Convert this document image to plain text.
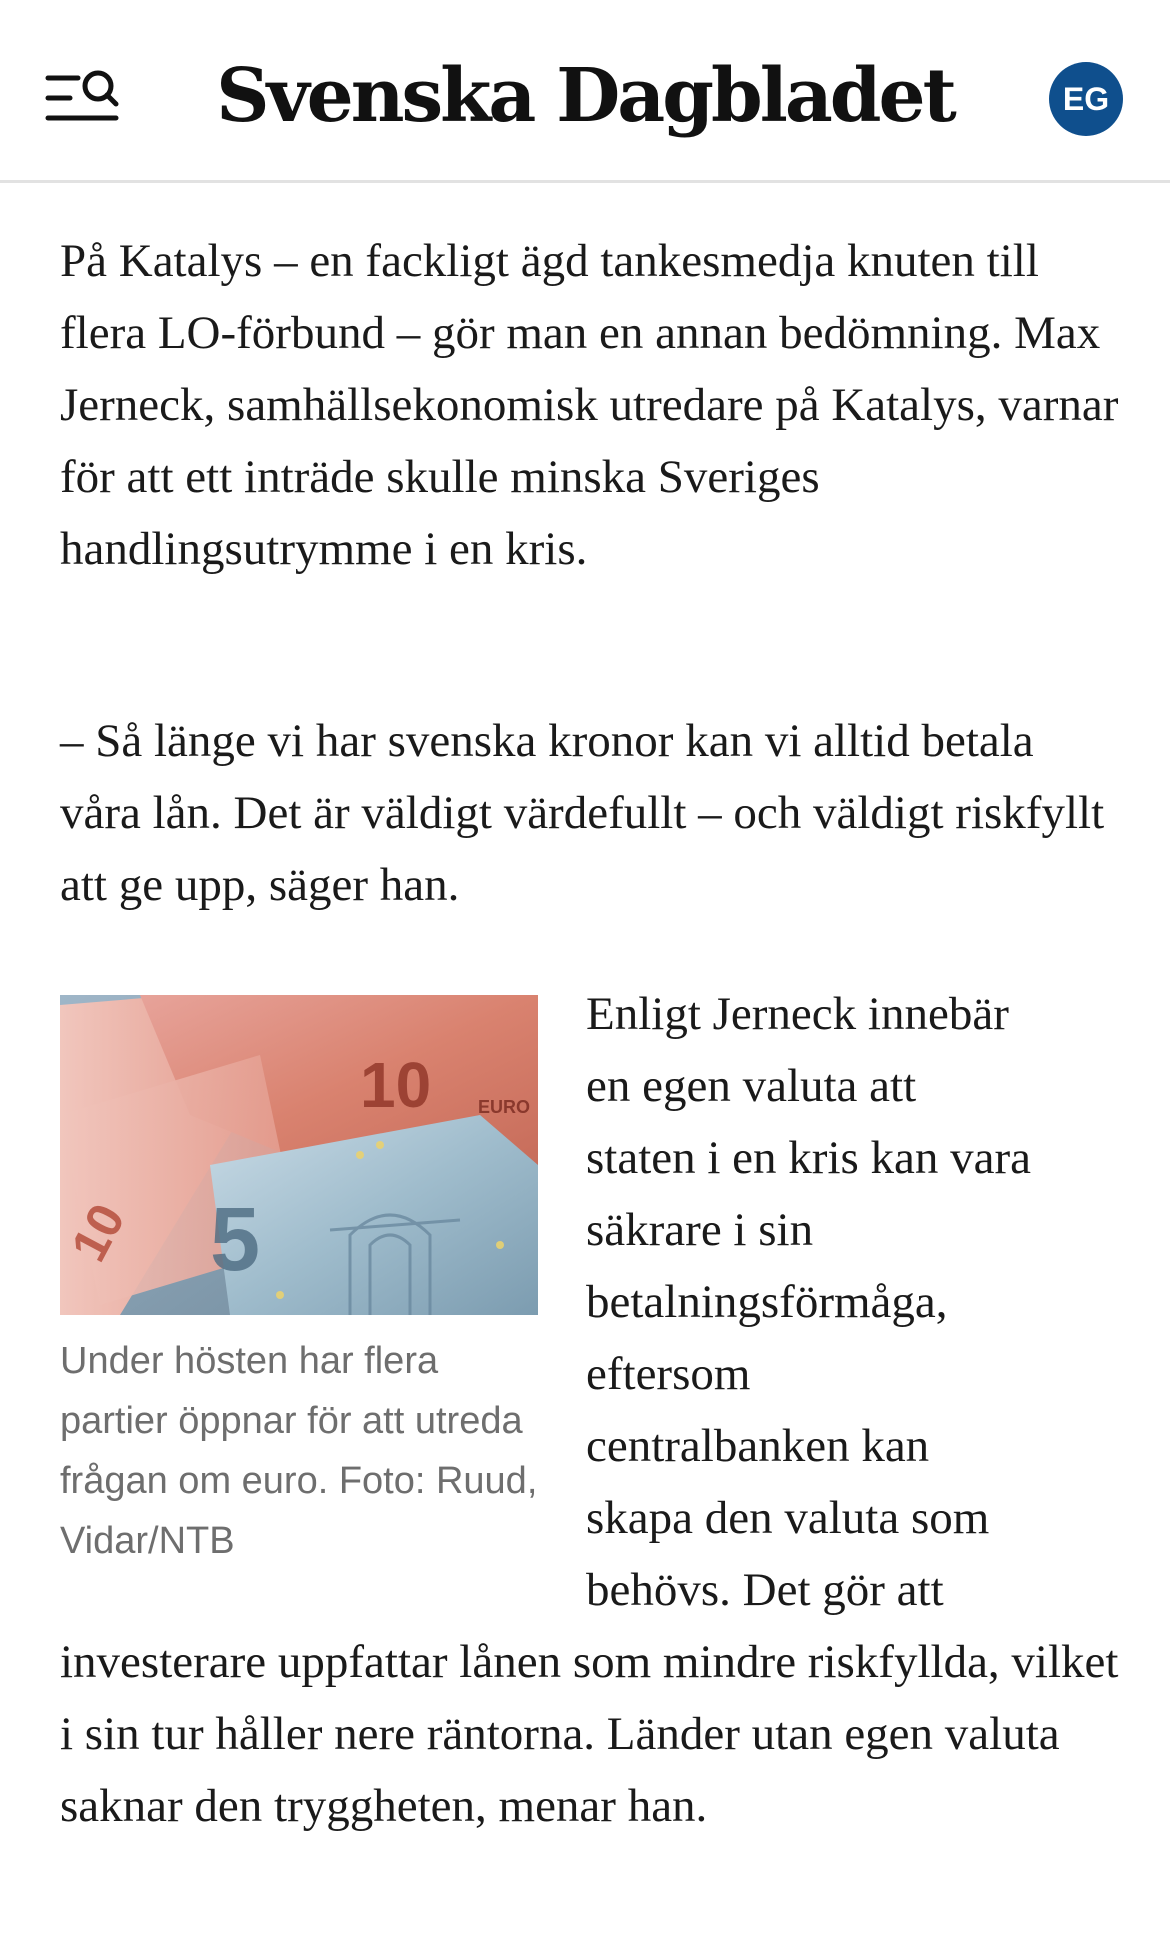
Svenska Dagbladet	EG

På Katalys – en fackligt ägd tankesmedja knuten till flera LO-förbund – gör man en annan bedömning. Max Jerneck, samhällsekonomisk utredare på Katalys, varnar för att ett inträde skulle minska Sveriges handlingsutrymme i en kris.

– Så länge vi har svenska kronor kan vi alltid betala våra lån. Det är väldigt värdefullt – och väldigt riskfyllt att ge upp, säger han.

10	EURO
10 5
Under hösten har flera partier öppnar för att utreda frågan om euro. Foto: Ruud, Vidar/NTB

Enligt Jerneck innebär
en egen valuta att
staten i en kris kan vara
säkrare i sin
betalningsförmåga,
eftersom
centralbanken kan
skapa den valuta som
behövs. Det gör att

investerare uppfattar lånen som mindre riskfyllda, vilket i sin tur håller nere räntorna. Länder utan egen valuta saknar den tryggheten, menar han.
